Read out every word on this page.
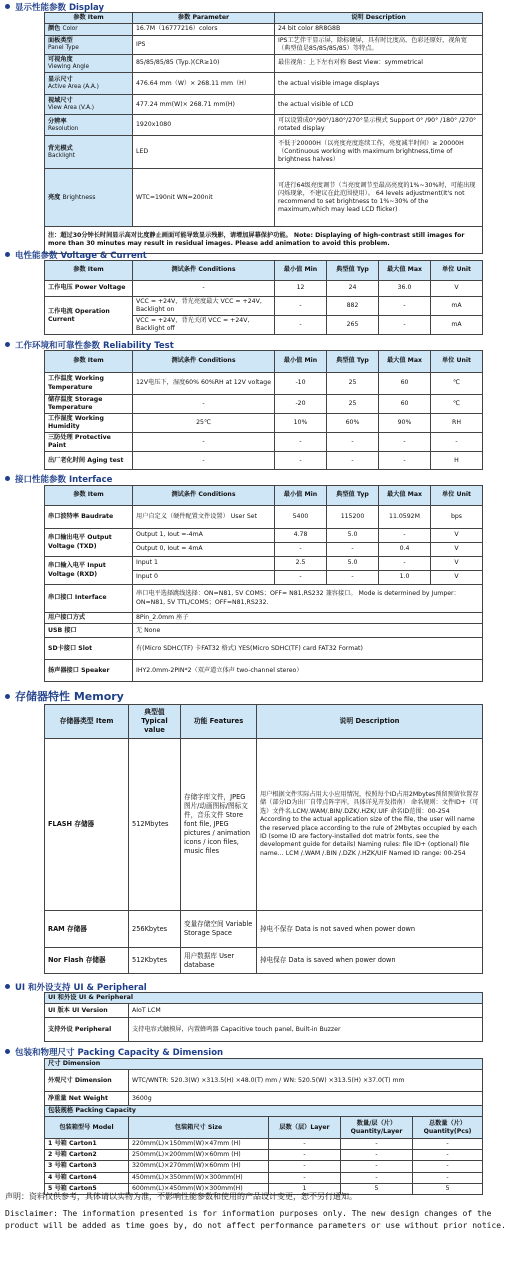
显示性能参数 Display
参数 Item	参数 Parameter	说明 Description
颜色 Color	16.7M（16777216）colors	24 bit color 8R8G8B
面板类型
Panel Type	IPS	IPS工艺伴干显示屏，除标硬屏，具有时比度高、色彩还原好，视角宽（典型值是85/85/85/85）等特点。
可视角度
Viewing Angle	85/85/85/85 (Typ.)(CR≥10)	最佳视角：上下左右对称 Best View：symmetrical
显示尺寸
Active Area (A.A.)	476.64 mm（W）× 268.11 mm（H）	the actual visible image displays
视域尺寸
View Area (V.A.)	477.24 mm(W)× 268.71 mm(H)	the actual visible of LCD
分辨率
Resolution	1920x1080	可以设置成0°/90°/180°/270°显示模式 Support 0° /90° /180° /270° rotated display
背光模式
Backlight	LED	不低于20000H（以亮度亮度连续工作，亮度减半时间）≥ 20000H（Continuous working with maximum brightness,time of brightness halves）
亮度 Brightness	WTC=190nit WN=200nit	可进行64级亮度调节（当亮度调节至最高亮度的1%~30%时，可能出现闪烁现象，不建议在此范围使用）。 64 levels adjustment(It's not recommend to set brightness to 1%~30% of the maximum,which may lead LCD flicker)
注：超过30分钟长时间显示高对比度静止画面可能导致显示残影，请增加屏幕保护功能。 Note: Displaying of high-contrast still images for more than 30 minutes may result in residual images. Please add animation to avoid this problem.		
电性能参数 Voltage & Current
参数 Item	测试条件 Conditions	最小值 Min	典型值 Typ	最大值 Max	单位 Unit
工作电压 Power Voltage	-	12	24	36.0	V
工作电流 Operation Current	VCC = +24V，背光亮度最大 VCC = +24V, Backlight on	-	882	-	mA
	VCC = +24V，背光关闭 VCC = +24V, Backlight off	-	265	-	mA
工作环境和可靠性参数 Reliability Test
参数 Item	测试条件 Conditions	最小值 Min	典型值 Typ	最大值 Max	单位 Unit
工作温度 Working Temperature	12V电压下，湿度60% 60%RH at 12V voltage	-10	25	60	℃
储存温度 Storage Temperature	-	-20	25	60	℃
工作湿度 Working Humidity	25℃	10%	60%	90%	RH
三防处理 Protective Paint	-	-	-	-	-
出厂老化时间 Aging test	-	-	-	-	H
接口性能参数 Interface
参数 Item	测试条件 Conditions	最小值 Min	典型值 Typ	最大值 Max	单位 Unit
串口波特率 Baudrate	用户自定义（硬件配置文件设置） User Set	5400	115200	11.0592M	bps
串口输出电平 Output Voltage (TXD)	Output 1, Iout =-4mA	4.78	5.0	-	V
	Output 0, Iout = 4mA	-	-	0.4	V
串口输入电平 Input Voltage (RXD)	Input 1	2.5	5.0	-	V
	Input 0	-	-	1.0	V
串口接口 Interface	串口电平选择跳线选择：ON=N81, 5V COMS；OFF= N81,RS232 兼容接口。 Mode is determined by Jumper：ON=N81, 5V TTL/COMS；OFF=N81,RS232.				
用户接口方式	8Pin_2.0mm 座子				
USB 接口	无 None				
SD卡接口 Slot	有(Micro SDHC(TF) 卡FAT32 格式) YES(Micro SDHC(TF) card FAT32 Format)				
扬声器接口 Speaker	IHY2.0mm-2PIN*2（双声道立体声 two-channel stereo）				
存储器特性 Memory
存储器类型 Item	典型值 Typical value	功能 Features	说明 Description
FLASH 存储器	512Mbytes	存储字库文件，JPEG 图片/动画图标/图标文件，音乐文件 Store font file, JPEG pictures / animation icons / icon files, music files	用户根据文件实际占用大小应用情况，按照每个ID占用2Mbytes预留预留位置存储（部分ID为出厂自带点阵字库，具体详见开发指南） 命名规则：文件ID+（可选）文件名.LCM/.WAM/.BIN/.DZK/.HZK/.UIF 命名ID范围：00-254 According to the actual application size of the file, the user will name the reserved place according to the rule of 2Mbytes occupied by each ID (some ID are factory-installed dot matrix fonts, see the development guide for details) Naming rules: file ID+ (optional) file name… LCM /.WAM /.BIN /.DZK /.HZK/UIF Named ID range: 00-254
RAM 存储器	256Kbytes	变量存储空间 Variable Storage Space	掉电不保存 Data is not saved when power down
Nor Flash 存储器	512Kbytes	用户数据库 User database	掉电保存 Data is saved when power down
UI 和外设支持 UI & Peripheral
UI 和外设 UI & Peripheral	
UI 版本 UI Version	AIoT LCM
支持外设 Peripheral	支持电容式触摸屏，内置蜂鸣器 Capacitive touch panel, Built-in Buzzer
包装和物理尺寸 Packing Capacity & Dimension
尺寸 Dimension				
外观尺寸 Dimension	WTC/WNTR: 520.3(W) ×313.5(H) ×48.0(T) mm / WN: 520.5(W) ×313.5(H) ×37.0(T) mm			
净重量 Net Weight	3600g			
包装规格 Packing Capacity				
包装箱型号 Model	包装箱尺寸 Size	层数（层）Layer	数量/层（片）Quantity/Layer	总数量（片）Quantity(Pcs)
1 号箱 Carton1	220mm(L)×150mm(W)×47mm (H)	-	-	-
2 号箱 Carton2	250mm(L)×200mm(W)×60mm (H)	-	-	-
3 号箱 Carton3	320mm(L)×270mm(W)×60mm (H)	-	-	-
4 号箱 Carton4	450mm(L)×350mm(W)×300mm(H)	-	-	-
5 号箱 Carton5	600mm(L)×450mm(W)×300mm(H)	1	5	5
声明：资料仅供参考，具体请以实物为准，不影响性能参数和使用的产品设计变更，恕不另行通知。
Disclaimer: The information presented is for information purposes only. The new design changes of the product will be added as time goes by, do not affect performance parameters or use without prior notice.
